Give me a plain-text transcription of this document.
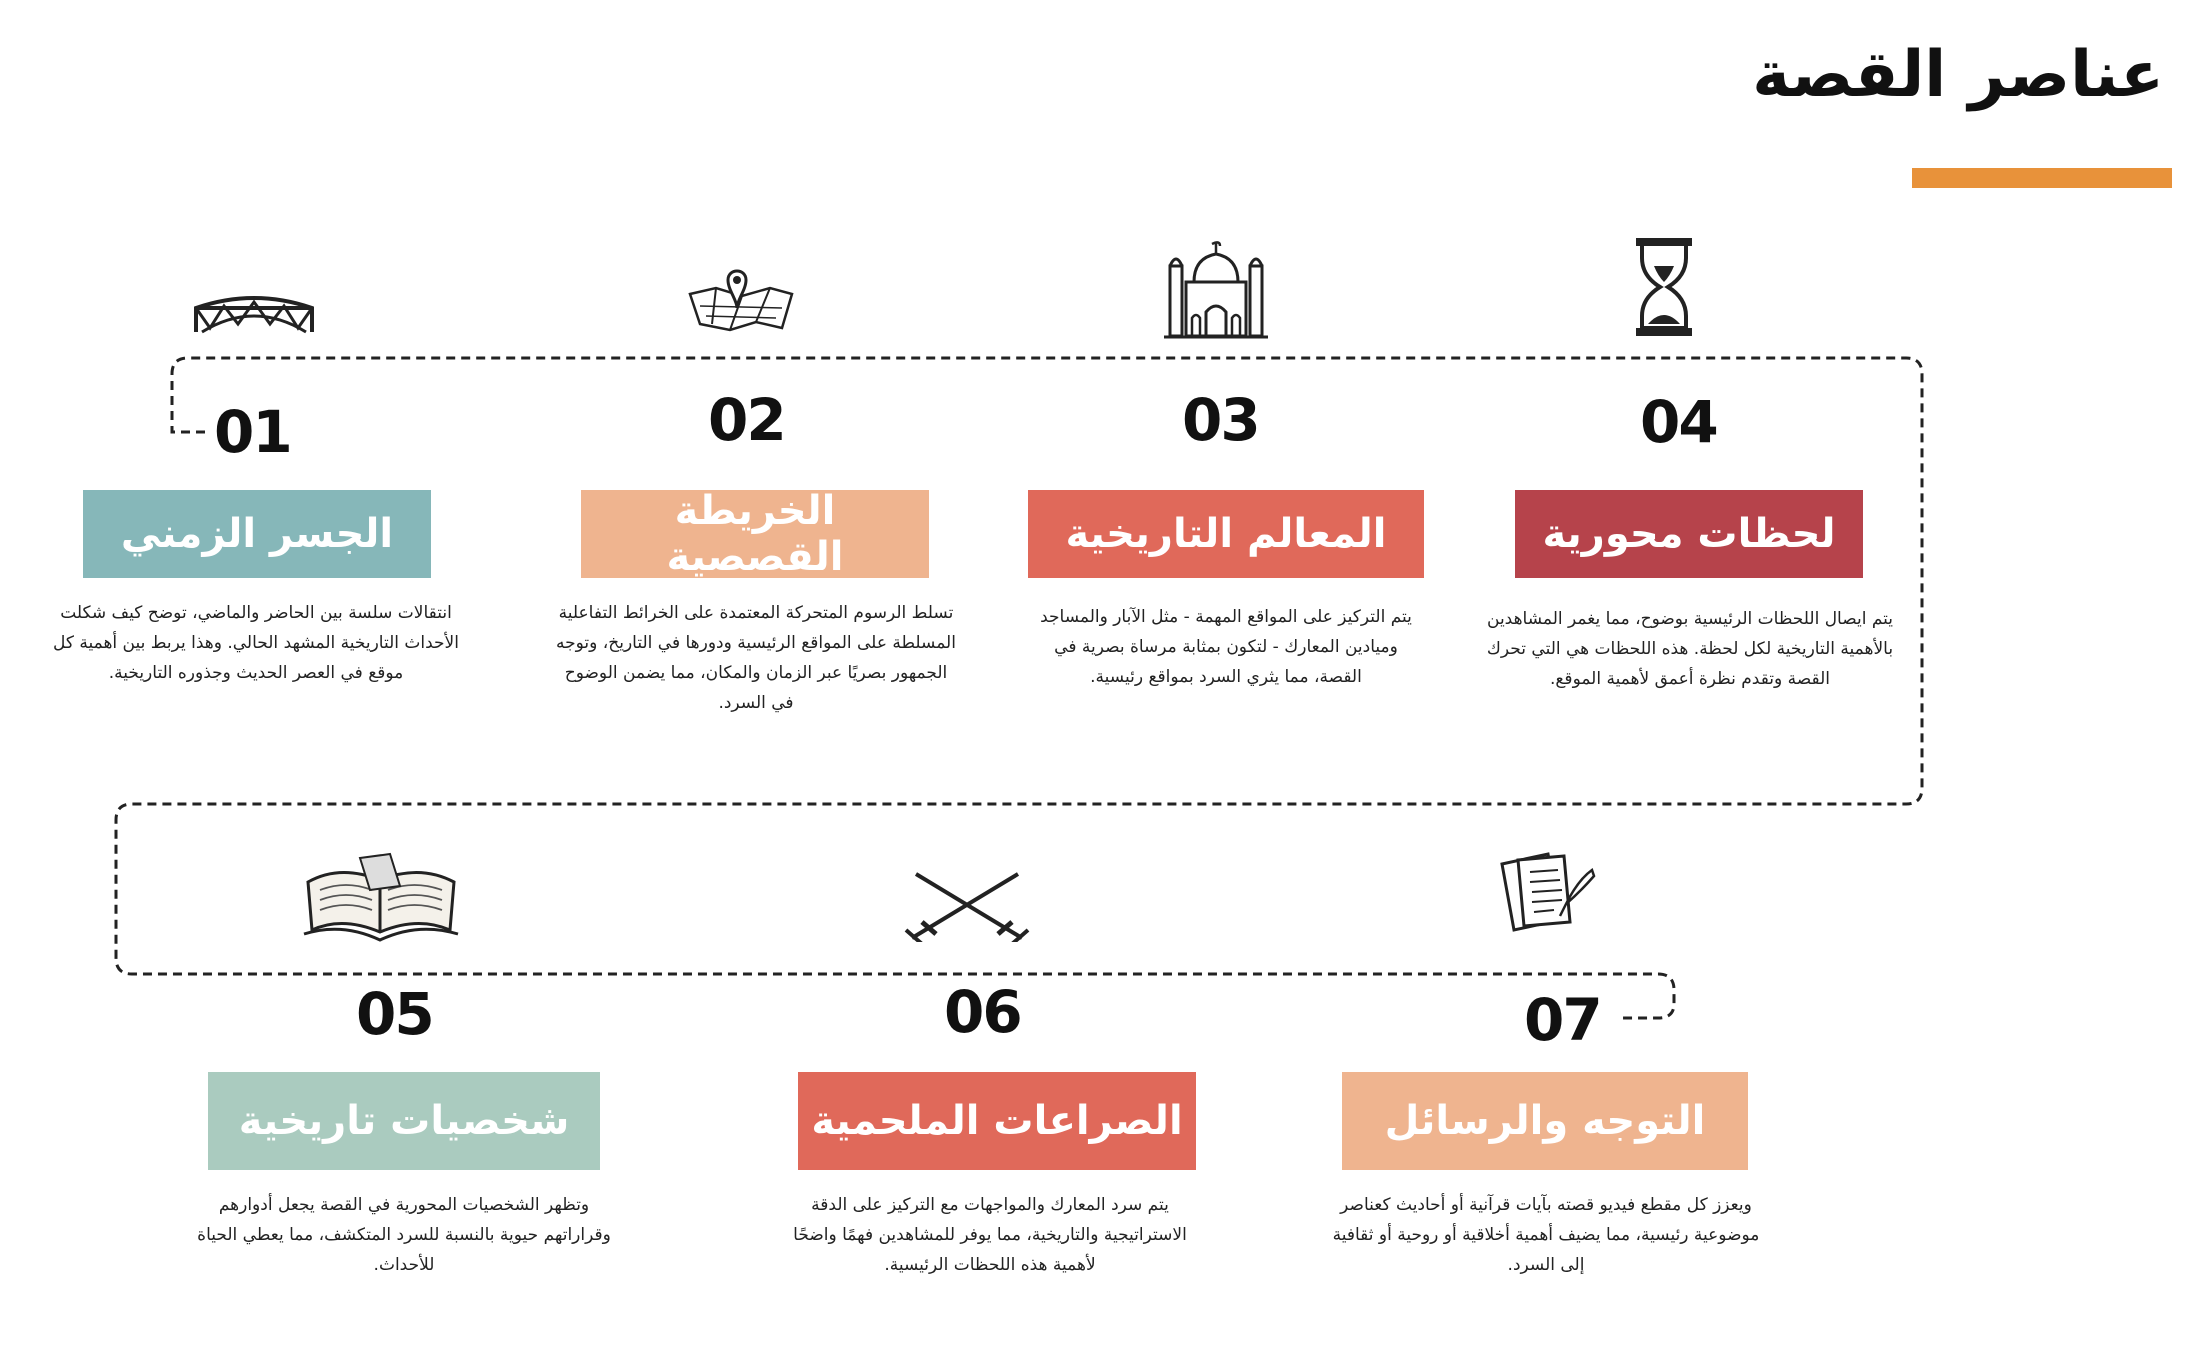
عناصر القصة
01	02	03	04
05	06	07
الجسر الزمني	الخريطة القصصية	المعالم التاريخية	لحظات محورية
شخصيات تاريخية	الصراعات الملحمية	التوجه والرسائل
انتقالات سلسة بين الحاضر والماضي، توضح كيف شكلت الأحداث التاريخية المشهد الحالي. وهذا يربط بين أهمية كل موقع في العصر الحديث وجذوره التاريخية.
تسلط الرسوم المتحركة المعتمدة على الخرائط التفاعلية المسلطة على المواقع الرئيسية ودورها في التاريخ، وتوجه الجمهور بصريًا عبر الزمان والمكان، مما يضمن الوضوح في السرد.
يتم التركيز على المواقع المهمة - مثل الآبار والمساجد وميادين المعارك - لتكون بمثابة مرساة بصرية في القصة، مما يثري السرد بمواقع رئيسية.
يتم ايصال اللحظات الرئيسية بوضوح، مما يغمر المشاهدين بالأهمية التاريخية لكل لحظة. هذه اللحظات هي التي تحرك القصة وتقدم نظرة أعمق لأهمية الموقع.
وتظهر الشخصيات المحورية في القصة يجعل أدوارهم وقراراتهم حيوية بالنسبة للسرد المتكشف، مما يعطي الحياة للأحداث.
يتم سرد المعارك والمواجهات مع التركيز على الدقة الاستراتيجية والتاريخية، مما يوفر للمشاهدين فهمًا واضحًا لأهمية هذه اللحظات الرئيسية.
ويعزز كل مقطع فيديو قصته بآيات قرآنية أو أحاديث كعناصر موضوعية رئيسية، مما يضيف أهمية أخلاقية أو روحية أو ثقافية إلى السرد.
